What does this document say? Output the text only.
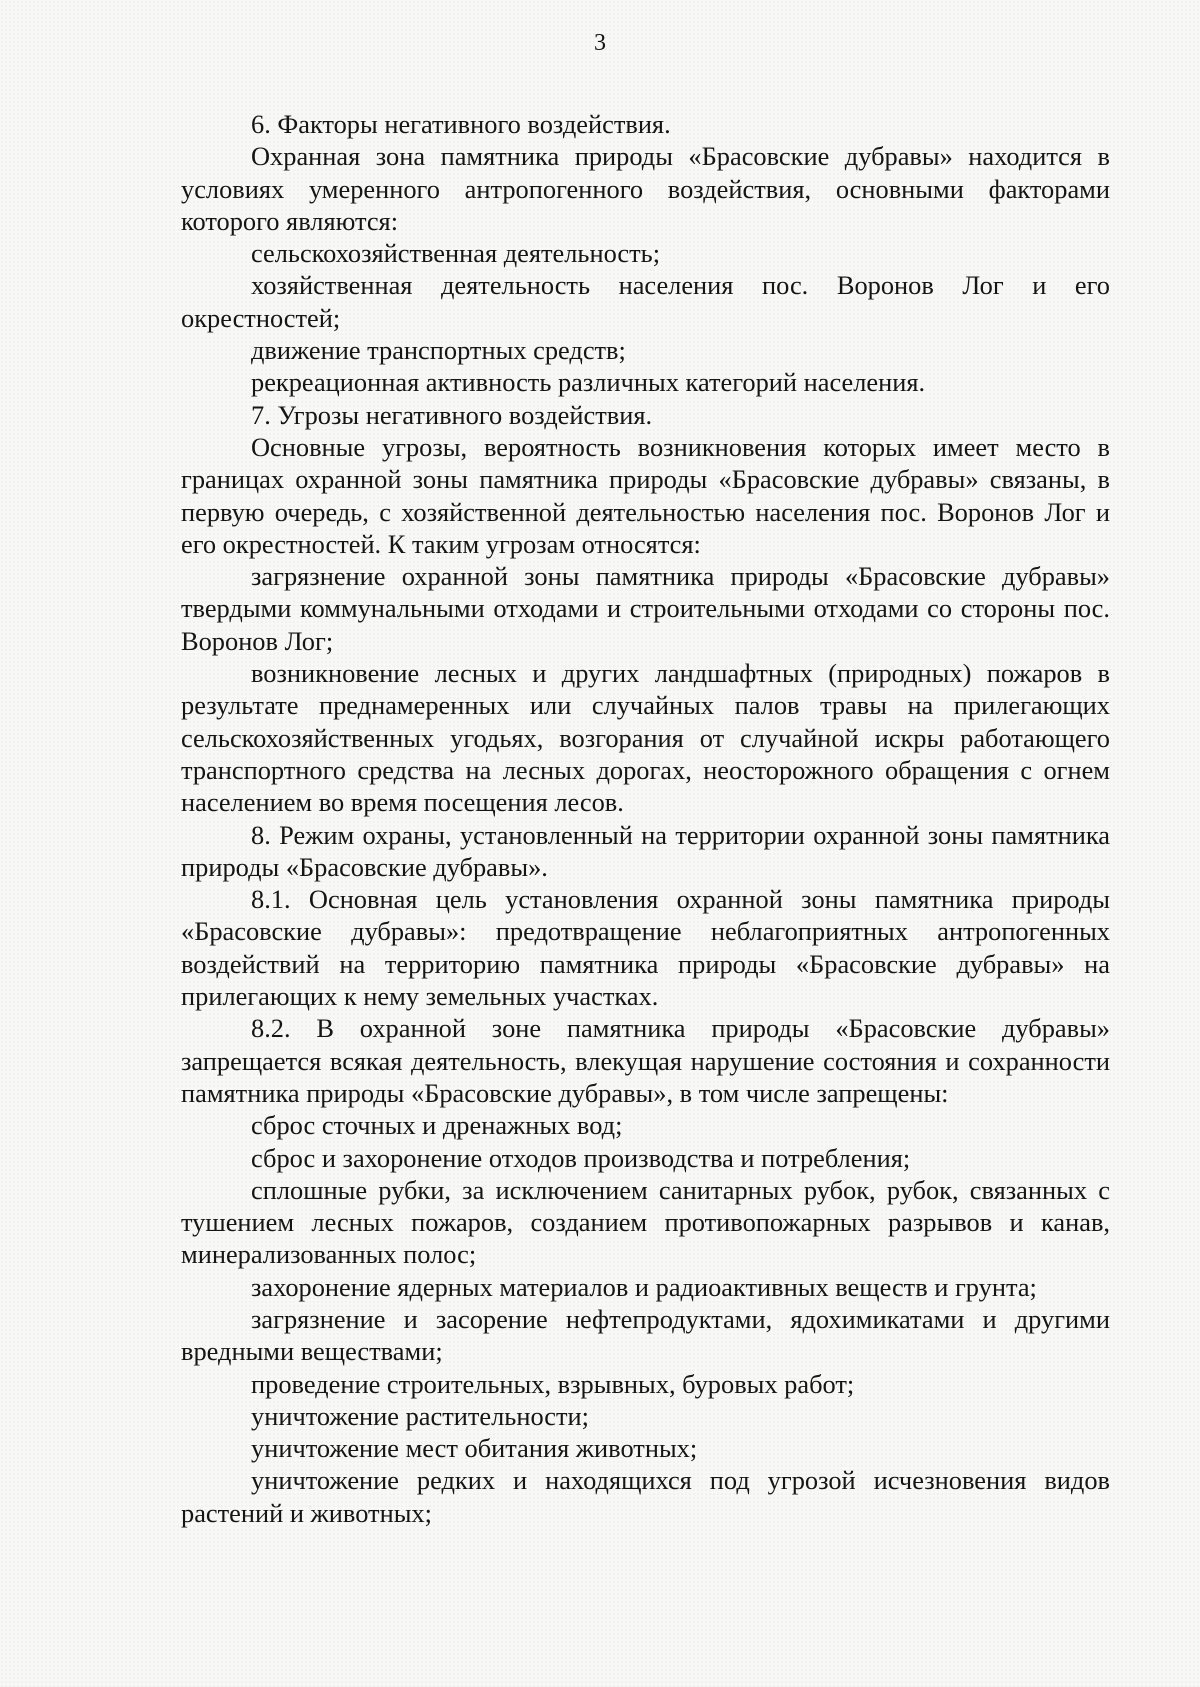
3

6. Факторы негативного воздействия.

Охранная зона памятника природы «Брасовские дубравы» находится в условиях умеренного антропогенного воздействия, основными факторами которого являются:

сельскохозяйственная деятельность;

хозяйственная деятельность населения пос. Воронов Лог и его окрестностей;

движение транспортных средств;

рекреационная активность различных категорий населения.

7. Угрозы негативного воздействия.

Основные угрозы, вероятность возникновения которых имеет место в границах охранной зоны памятника природы «Брасовские дубравы» связаны, в первую очередь, с хозяйственной деятельностью населения пос. Воронов Лог и его окрестностей. К таким угрозам относятся:

загрязнение охранной зоны памятника природы «Брасовские дубравы» твердыми коммунальными отходами и строительными отходами со стороны пос. Воронов Лог;

возникновение лесных и других ландшафтных (природных) пожаров в результате преднамеренных или случайных палов травы на прилегающих сельскохозяйственных угодьях, возгорания от случайной искры работающего транспортного средства на лесных дорогах, неосторожного обращения с огнем населением во время посещения лесов.

8. Режим охраны, установленный на территории охранной зоны памятника природы «Брасовские дубравы».

8.1. Основная цель установления охранной зоны памятника природы «Брасовские дубравы»: предотвращение неблагоприятных антропогенных воздействий на территорию памятника природы «Брасовские дубравы» на прилегающих к нему земельных участках.

8.2. В охранной зоне памятника природы «Брасовские дубравы» запрещается всякая деятельность, влекущая нарушение состояния и сохранности памятника природы «Брасовские дубравы», в том числе запрещены:

сброс сточных и дренажных вод;

сброс и захоронение отходов производства и потребления;

сплошные рубки, за исключением санитарных рубок, рубок, связанных с тушением лесных пожаров, созданием противопожарных разрывов и канав, минерализованных полос;

захоронение ядерных материалов и радиоактивных веществ и грунта;

загрязнение и засорение нефтепродуктами, ядохимикатами и другими вредными веществами;

проведение строительных, взрывных, буровых работ;

уничтожение растительности;

уничтожение мест обитания животных;

уничтожение редких и находящихся под угрозой исчезновения видов растений и животных;
